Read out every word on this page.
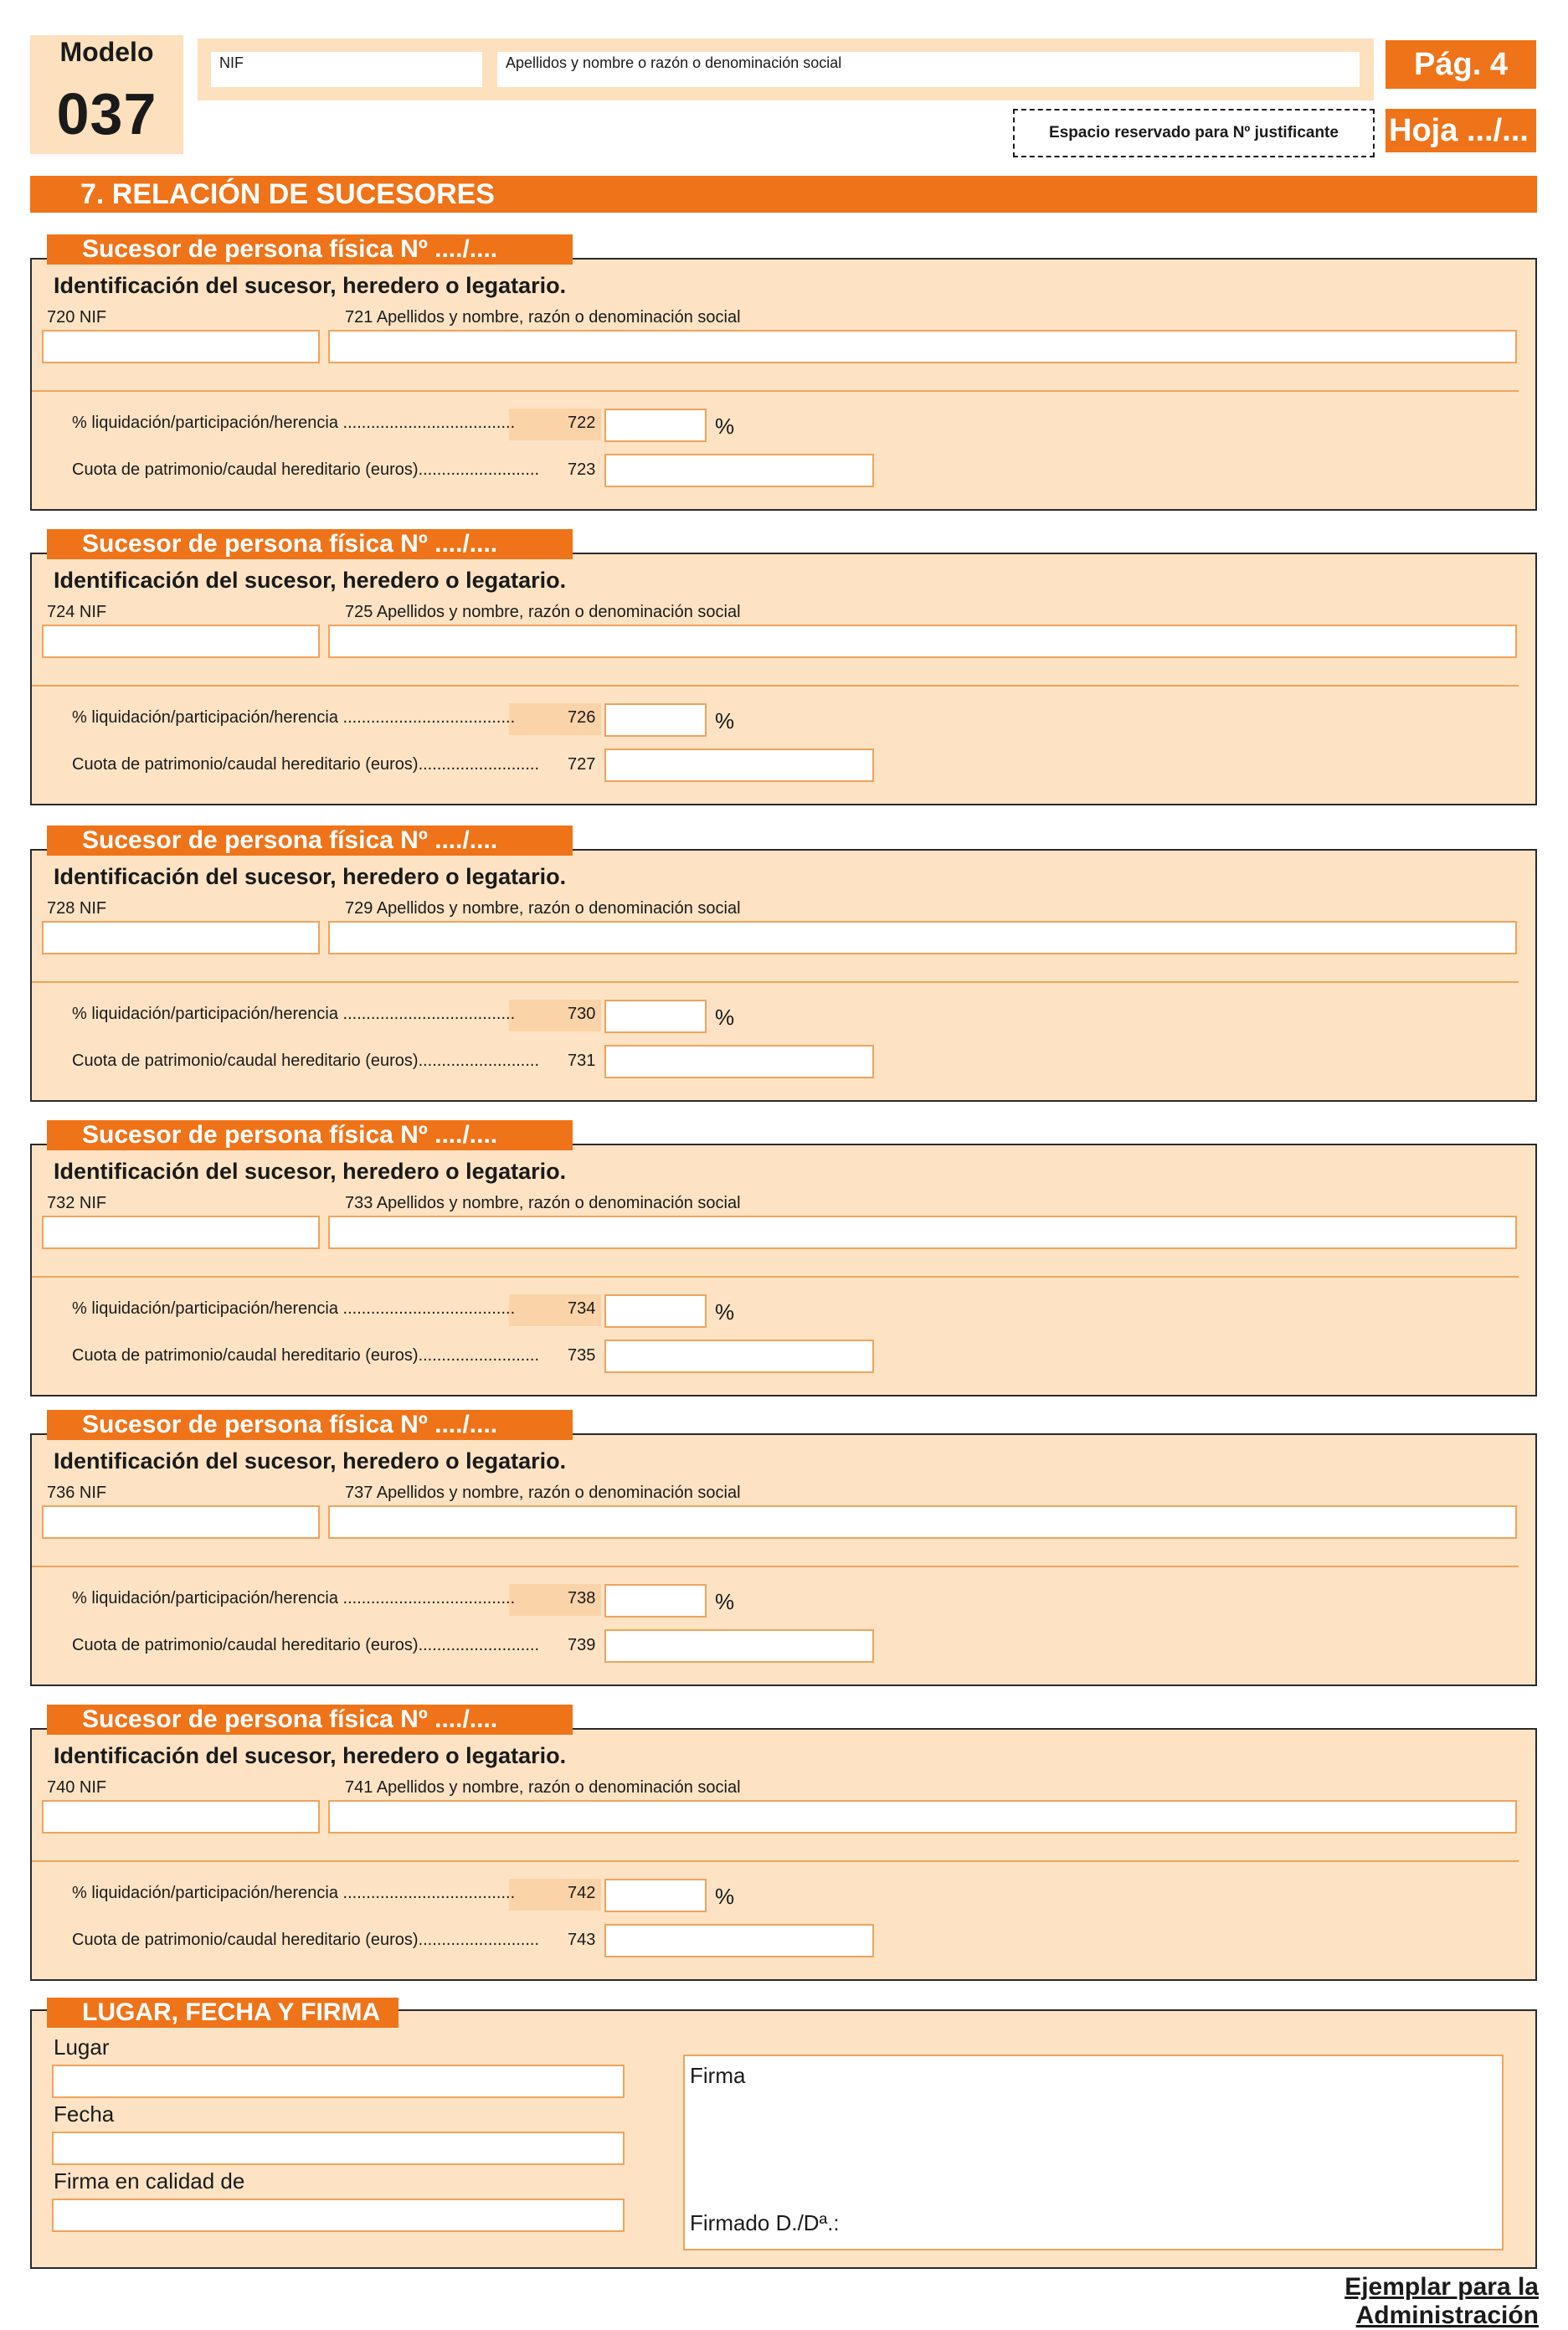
Modelo
037
NIF	Apellidos y nombre o razón o denominación social	Pág. 4
Espacio reservado para Nº justificante	Hoja .../...
7. RELACIÓN DE SUCESORES
Sucesor de persona física Nº ..../....
Identificación del sucesor, heredero o legatario.
720 NIF	721 Apellidos y nombre, razón o denominación social
% liquidación/participación/herencia .....................................	722	%
Cuota de patrimonio/caudal hereditario (euros).......................... 723
Sucesor de persona física Nº ..../....
Identificación del sucesor, heredero o legatario.
724 NIF	725 Apellidos y nombre, razón o denominación social
% liquidación/participación/herencia .....................................	726	%
Cuota de patrimonio/caudal hereditario (euros).......................... 727
Sucesor de persona física Nº ..../....
Identificación del sucesor, heredero o legatario.
728 NIF	729 Apellidos y nombre, razón o denominación social
% liquidación/participación/herencia .....................................	730	%
Cuota de patrimonio/caudal hereditario (euros).......................... 731
Sucesor de persona física Nº ..../....
Identificación del sucesor, heredero o legatario.
732 NIF	733 Apellidos y nombre, razón o denominación social
% liquidación/participación/herencia .....................................	734	%
Cuota de patrimonio/caudal hereditario (euros).......................... 735
Sucesor de persona física Nº ..../....
Identificación del sucesor, heredero o legatario.
736 NIF	737 Apellidos y nombre, razón o denominación social
% liquidación/participación/herencia .....................................	738	%
Cuota de patrimonio/caudal hereditario (euros).......................... 739
Sucesor de persona física Nº ..../....
Identificación del sucesor, heredero o legatario.
740 NIF	741 Apellidos y nombre, razón o denominación social
% liquidación/participación/herencia .....................................	742	%
Cuota de patrimonio/caudal hereditario (euros).......................... 743
LUGAR, FECHA Y FIRMA
Lugar
Fecha
Firma en calidad de
Firma
Firmado D./Dª.:
Ejemplar para la Administración
